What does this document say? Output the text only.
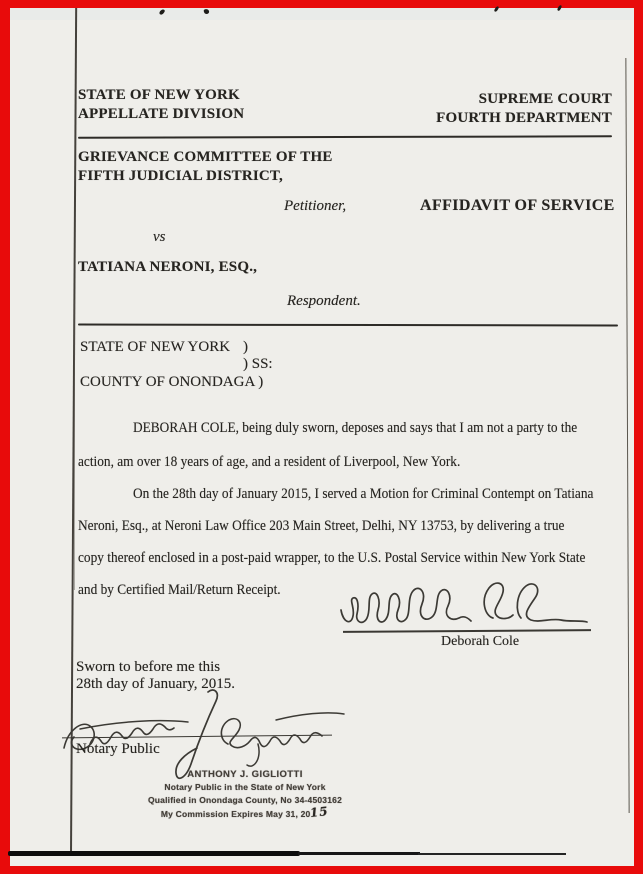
STATE OF NEW YORK
APPELLATE DIVISION
SUPREME COURT
FOURTH DEPARTMENT
GRIEVANCE COMMITTEE OF THE
FIFTH JUDICIAL DISTRICT,
Petitioner,	AFFIDAVIT OF SERVICE
vs
TATIANA NERONI, ESQ.,
Respondent.
STATE OF NEW YORK )
) SS:
COUNTY OF ONONDAGA )
DEBORAH COLE, being duly sworn, deposes and says that I am not a party to the
action, am over 18 years of age, and a resident of Liverpool, New York.
On the 28th day of January 2015, I served a Motion for Criminal Contempt on Tatiana
Neroni, Esq., at Neroni Law Office 203 Main Street, Delhi, NY 13753, by delivering a true
copy thereof enclosed in a post-paid wrapper, to the U.S. Postal Service within New York State
and by Certified Mail/Return Receipt.
Deborah Cole
Sworn to before me this
28th day of January, 2015.
Notary Public
ANTHONY J. GIGLIOTTI
Notary Public in the State of New York
Qualified in Onondaga County, No 34-4503162
My Commission Expires May 31, 2015
